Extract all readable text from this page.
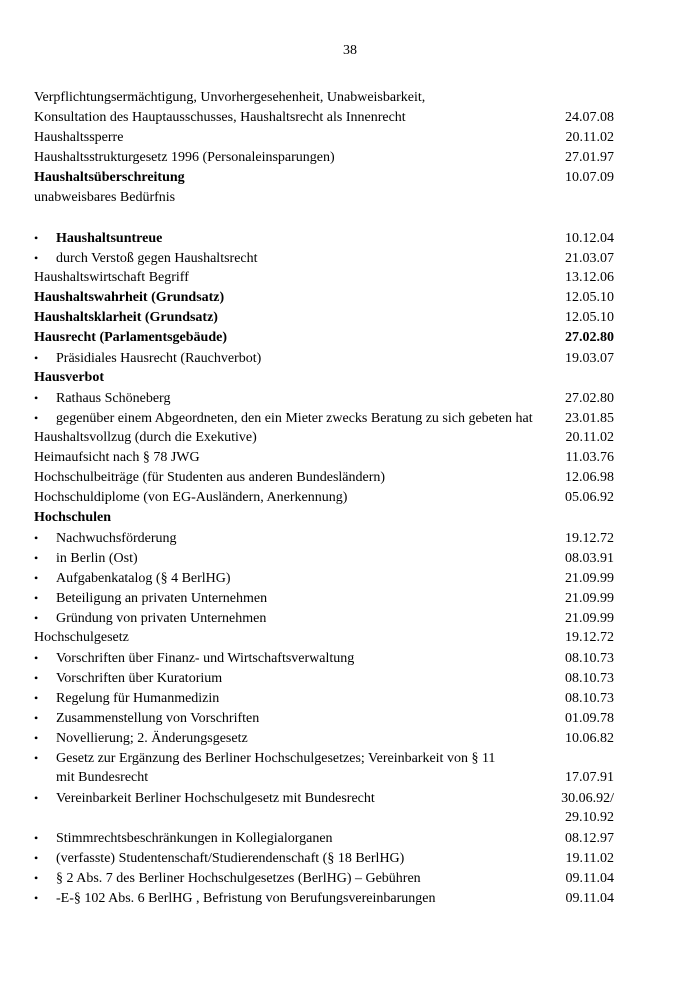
38
Verpflichtungsermächtigung, Unvorhergesehenheit, Unabweisbarkeit,
Konsultation des Hauptausschusses, Haushaltsrecht als Innenrecht	24.07.08
Haushaltssperre	20.11.02
Haushaltsstrukturgesetz 1996 (Personaleinsparungen)	27.01.97
Haushaltsüberschreitung	10.07.09
unabweisbares Bedürfnis
•
Haushaltsuntreue	10.12.04
•
durch Verstoß gegen Haushaltsrecht	21.03.07
Haushaltswirtschaft Begriff	13.12.06
Haushaltswahrheit (Grundsatz)	12.05.10
Haushaltsklarheit (Grundsatz)	12.05.10
Hausrecht (Parlamentsgebäude)	27.02.80
•
Präsidiales Hausrecht (Rauchverbot)	19.03.07
Hausverbot
•
Rathaus Schöneberg	27.02.80
•
gegenüber einem Abgeordneten, den ein Mieter zwecks Beratung zu sich gebeten hat	23.01.85
Haushaltsvollzug (durch die Exekutive)	20.11.02
Heimaufsicht nach § 78 JWG	11.03.76
Hochschulbeiträge (für Studenten aus anderen Bundesländern)	12.06.98
Hochschuldiplome (von EG-Ausländern, Anerkennung)	05.06.92
Hochschulen
•
Nachwuchsförderung	19.12.72
•
in Berlin (Ost)	08.03.91
•
Aufgabenkatalog (§ 4 BerlHG)	21.09.99
•
Beteiligung an privaten Unternehmen	21.09.99
•
Gründung von privaten Unternehmen	21.09.99
Hochschulgesetz	19.12.72
•
Vorschriften über Finanz- und Wirtschaftsverwaltung	08.10.73
•
Vorschriften über Kuratorium	08.10.73
•
Regelung für Humanmedizin	08.10.73
•
Zusammenstellung von Vorschriften	01.09.78
•
Novellierung; 2. Änderungsgesetz	10.06.82
•
Gesetz zur Ergänzung des Berliner Hochschulgesetzes; Vereinbarkeit von § 11
mit Bundesrecht	17.07.91
•
Vereinbarkeit Berliner Hochschulgesetz mit Bundesrecht	30.06.92/
29.10.92
•
Stimmrechtsbeschränkungen in Kollegialorganen	08.12.97
•
(verfasste) Studentenschaft/Studierendenschaft (§ 18 BerlHG)	19.11.02
•
§ 2 Abs. 7 des Berliner Hochschulgesetzes (BerlHG) – Gebühren	09.11.04
•
-E-§ 102 Abs. 6 BerlHG , Befristung von Berufungsvereinbarungen	09.11.04
